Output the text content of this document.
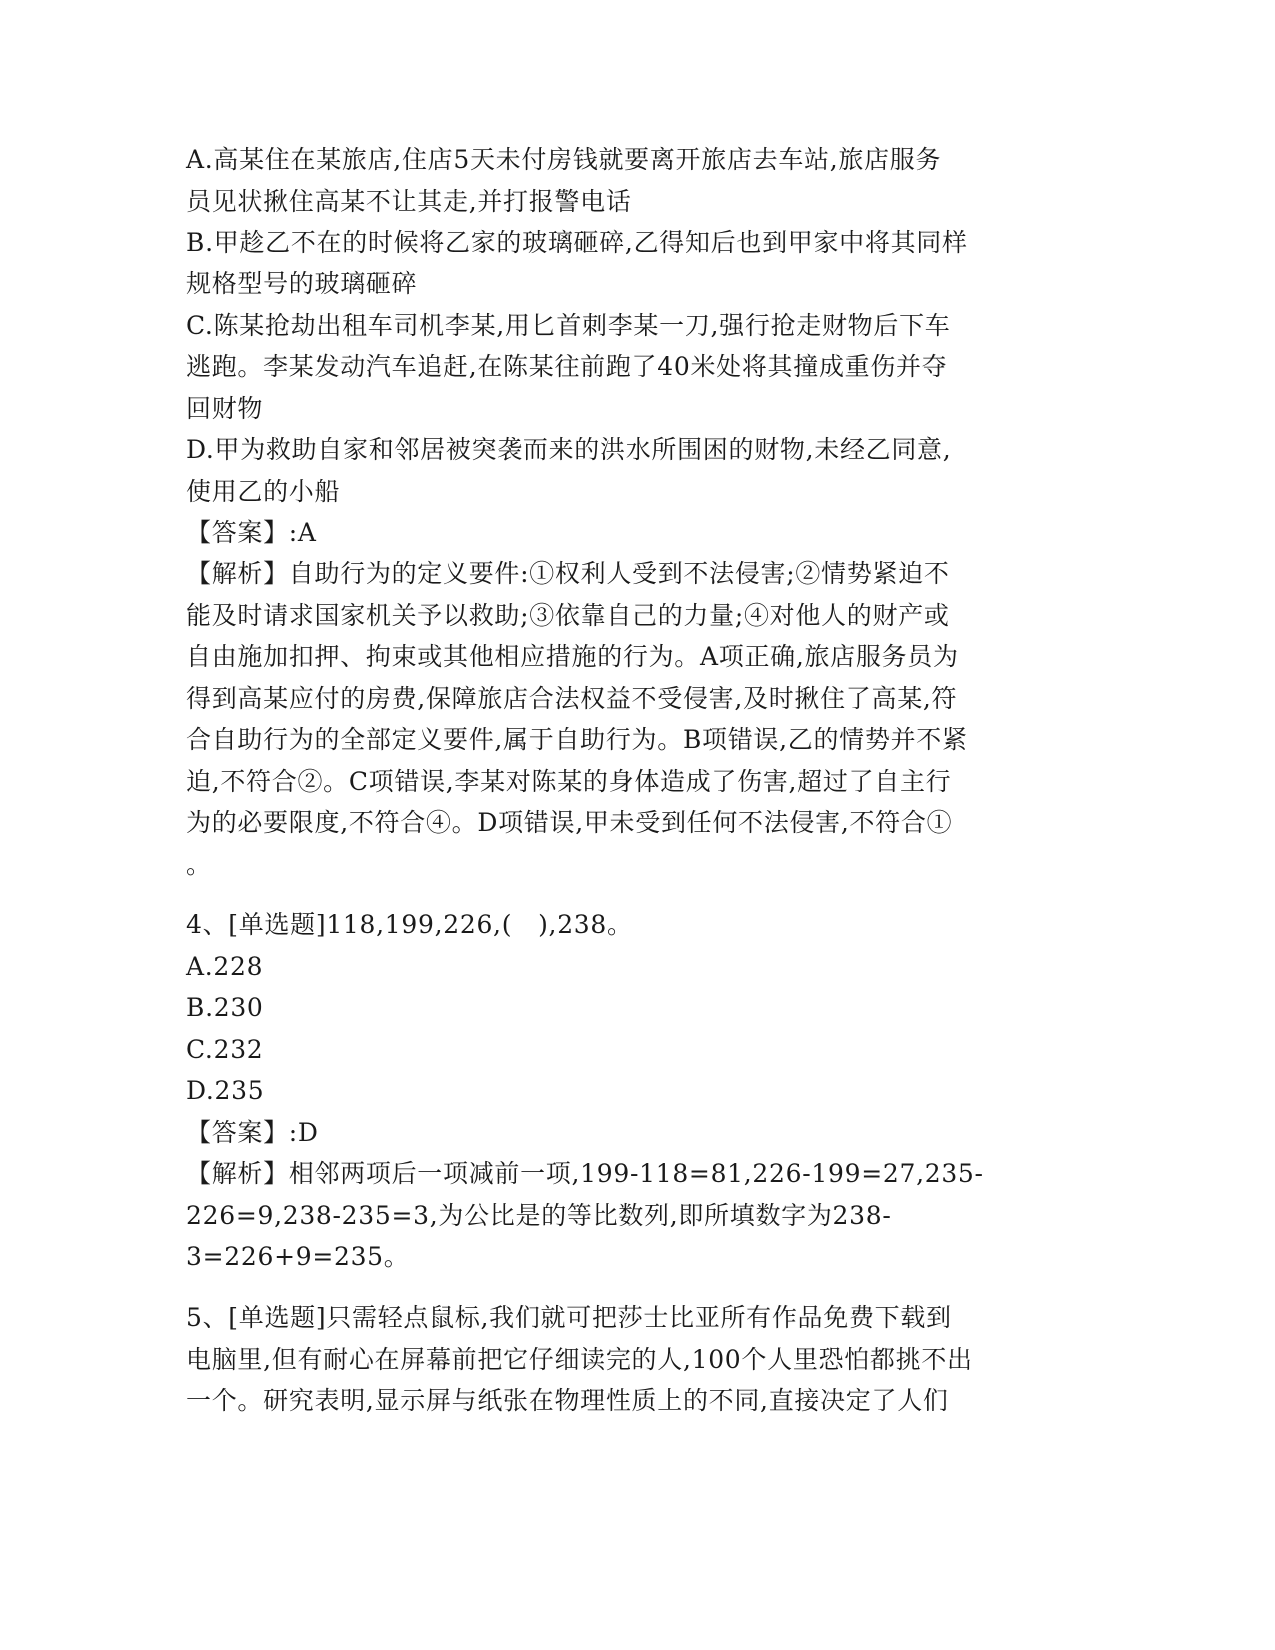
A.高某住在某旅店,住店5天未付房钱就要离开旅店去车站,旅店服务

员见状揪住高某不让其走,并打报警电话

B.甲趁乙不在的时候将乙家的玻璃砸碎,乙得知后也到甲家中将其同样

规格型号的玻璃砸碎

C.陈某抢劫出租车司机李某,用匕首刺李某一刀,强行抢走财物后下车

逃跑。李某发动汽车追赶,在陈某往前跑了40米处将其撞成重伤并夺

回财物

D.甲为救助自家和邻居被突袭而来的洪水所围困的财物,未经乙同意,

使用乙的小船

【答案】:A

【解析】自助行为的定义要件:①权利人受到不法侵害;②情势紧迫不

能及时请求国家机关予以救助;③依靠自己的力量;④对他人的财产或

自由施加扣押、拘束或其他相应措施的行为。A项正确,旅店服务员为

得到高某应付的房费,保障旅店合法权益不受侵害,及时揪住了高某,符

合自助行为的全部定义要件,属于自助行为。B项错误,乙的情势并不紧

迫,不符合②。C项错误,李某对陈某的身体造成了伤害,超过了自主行

为的必要限度,不符合④。D项错误,甲未受到任何不法侵害,不符合①

。

4、[单选题]118,199,226,(   ),238。

A.228

B.230

C.232

D.235

【答案】:D

【解析】相邻两项后一项减前一项,199-118=81,226-199=27,235-

226=9,238-235=3,为公比是的等比数列,即所填数字为238-

3=226+9=235。

5、[单选题]只需轻点鼠标,我们就可把莎士比亚所有作品免费下载到

电脑里,但有耐心在屏幕前把它仔细读完的人,100个人里恐怕都挑不出

一个。研究表明,显示屏与纸张在物理性质上的不同,直接决定了人们
